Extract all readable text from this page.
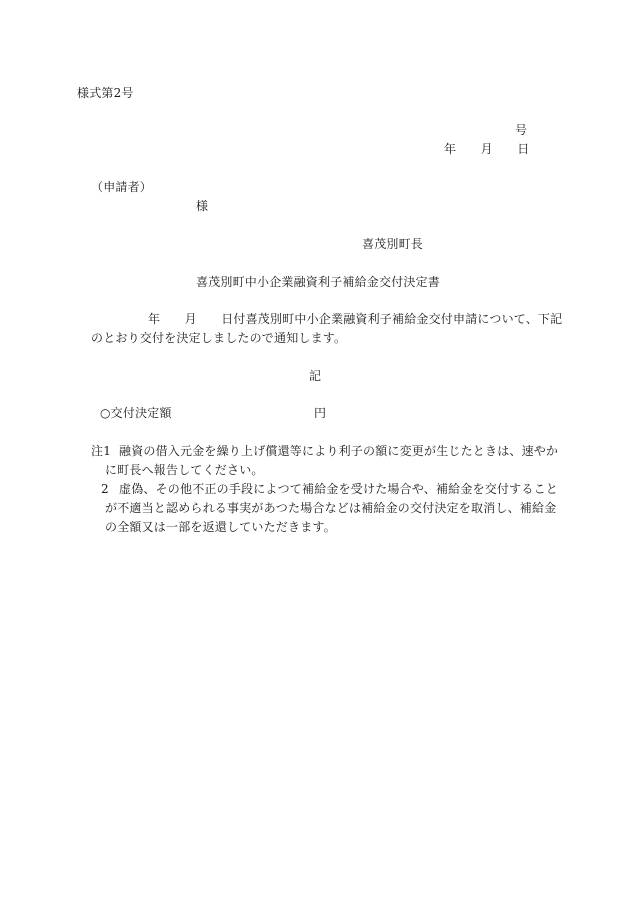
様式第2号
号
年　　月　　日
（申請者）
様
喜茂別町長
喜茂別町中小企業融資利子補給金交付決定書
年　　月　　日付喜茂別町中小企業融資利子補給金交付申請について、下記
のとおり交付を決定しましたので通知します。
記
○交付決定額	円
注1 融資の借入元金を繰り上げ償還等により利子の額に変更が生じたときは、速やか
に町長へ報告してください。
2 虚偽、その他不正の手段によつて補給金を受けた場合や、補給金を交付すること
が不適当と認められる事実があつた場合などは補給金の交付決定を取消し、補給金
の全額又は一部を返還していただきます。
